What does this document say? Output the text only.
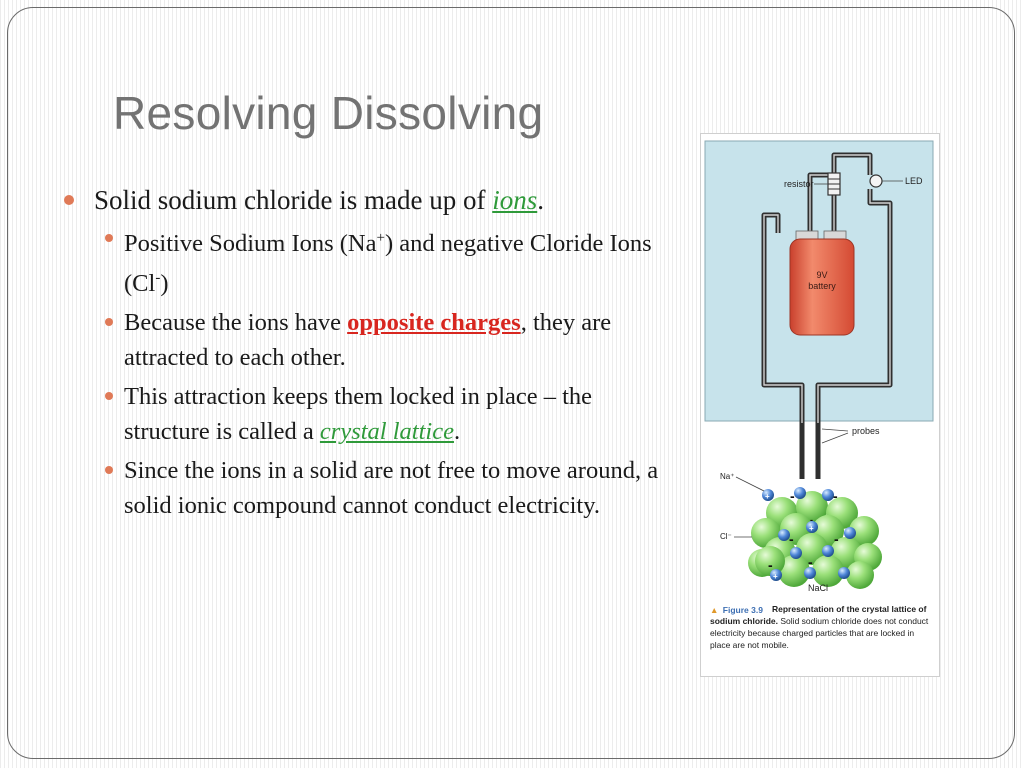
Resolving Dissolving
Solid sodium chloride is made up of ions.
Positive Sodium Ions (Na+) and negative Cloride Ions (Cl-)
Because the ions have opposite charges, they are attracted to each other.
This attraction keeps them locked in place – the structure is called a crystal lattice.
Since the ions in a solid are not free to move around, a solid ionic compound cannot conduct electricity.
resistor	LED
9V
battery
probes
-	-
-
-	-
-	-
+
+
+
Na⁺
Cl⁻
NaCl
▲ Figure 3.9	Representation of the crystal lattice of sodium chloride. Solid sodium chloride does not conduct electricity because charged particles that are locked in place are not mobile.
